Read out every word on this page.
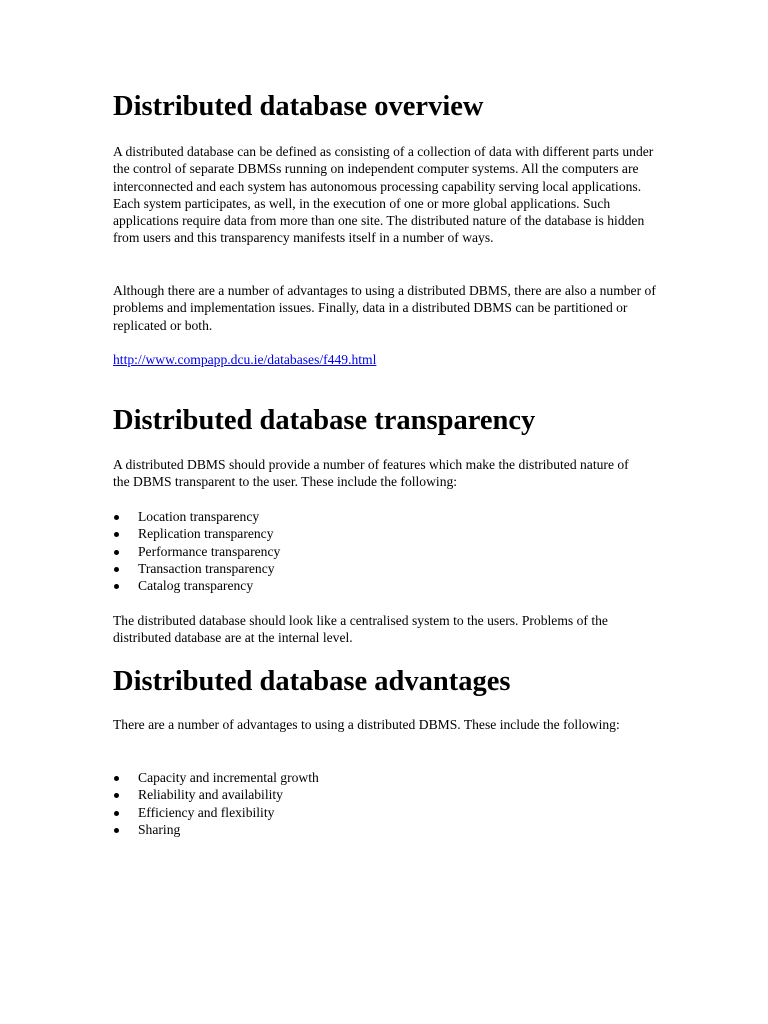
Distributed database overview

A distributed database can be defined as consisting of a collection of data with different parts under the control of separate DBMSs running on independent computer systems. All the computers are interconnected and each system has autonomous processing capability serving local applications. Each system participates, as well, in the execution of one or more global applications. Such applications require data from more than one site. The distributed nature of the database is hidden from users and this transparency manifests itself in a number of ways.

Although there are a number of advantages to using a distributed DBMS, there are also a number of problems and implementation issues. Finally, data in a distributed DBMS can be partitioned or replicated or both.

http://www.compapp.dcu.ie/databases/f449.html
Distributed database transparency

A distributed DBMS should provide a number of features which make the distributed nature of the DBMS transparent to the user. These include the following:

Location transparency
Replication transparency
Performance transparency
Transaction transparency
Catalog transparency

The distributed database should look like a centralised system to the users. Problems of the distributed database are at the internal level.

Distributed database advantages

There are a number of advantages to using a distributed DBMS. These include the following:

Capacity and incremental growth
Reliability and availability
Efficiency and flexibility
Sharing
